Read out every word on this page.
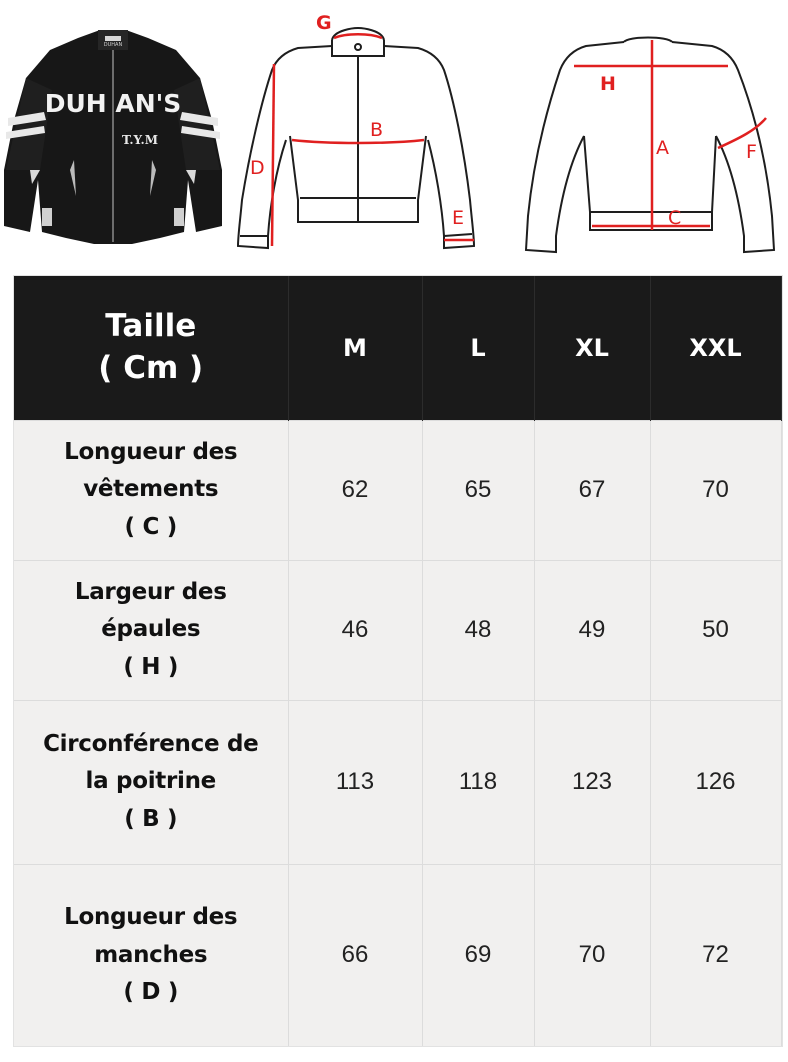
DUH AN'S
T.Y.M
DUHAN
G
B
D
E
H
A	F
C
Taille
( Cm )	M	L	XL	XXL

Longueur des
vêtements
( C )	62	65	67	70

Largeur des
épaules
( H )	46	48	49	50

Circonférence de
la poitrine
( B )	113	118	123	126

Longueur des
manches
( D )	66	69	70	72
